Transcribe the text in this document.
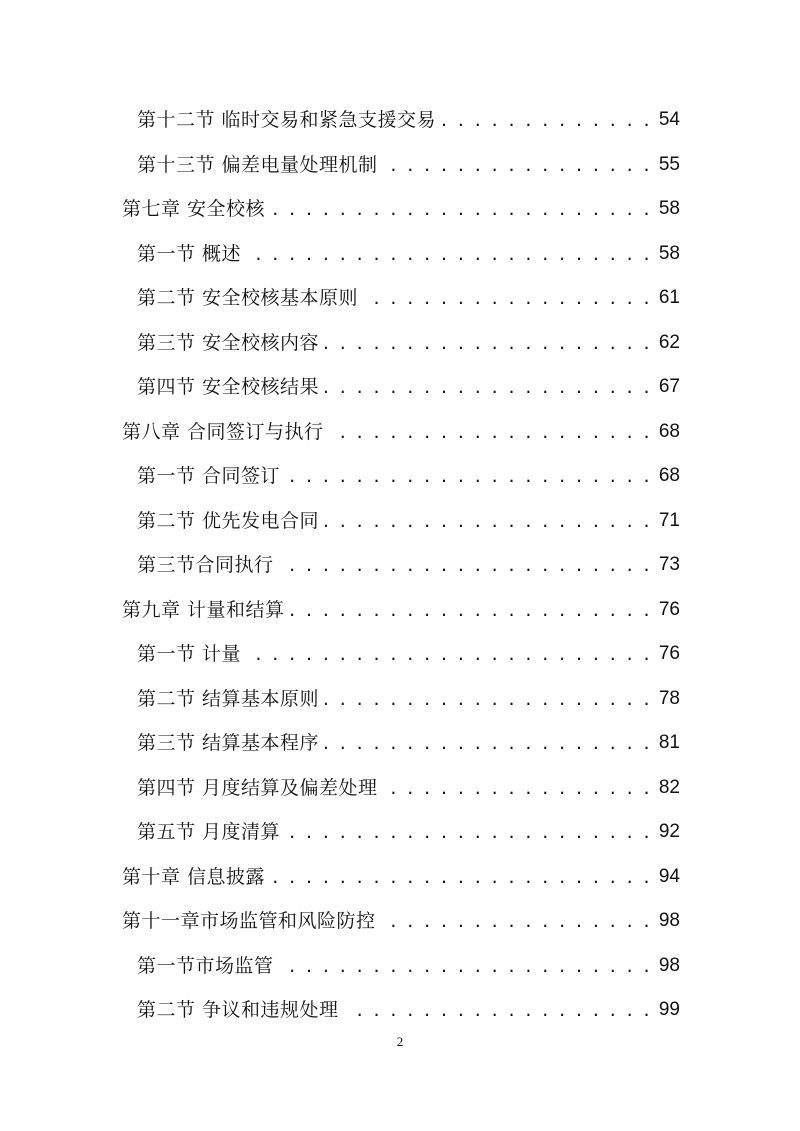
第十二节 临时交易和紧急支援交易 . . .	54
第十三节 偏差电量处理机制 . . .	55
第七章 安全校核 . . .	58
第一节 概述 . . .	58
第二节 安全校核基本原则 . . .	61
第三节 安全校核内容 . . .	62
第四节 安全校核结果 . . .	67
第八章 合同签订与执行 . . .	68
第一节 合同签订 . . .	68
第二节 优先发电合同 . . .	71
第三节合同执行 . . .	73
第九章 计量和结算 . . .	76
第一节 计量 . . .	76
第二节 结算基本原则 . . .	78
第三节 结算基本程序 . . .	81
第四节 月度结算及偏差处理 . . .	82
第五节 月度清算 . . .	92
第十章 信息披露 . . .	94
第十一章市场监管和风险防控 . . .	98
第一节市场监管 . . .	98
第二节 争议和违规处理 . . .	99
2
